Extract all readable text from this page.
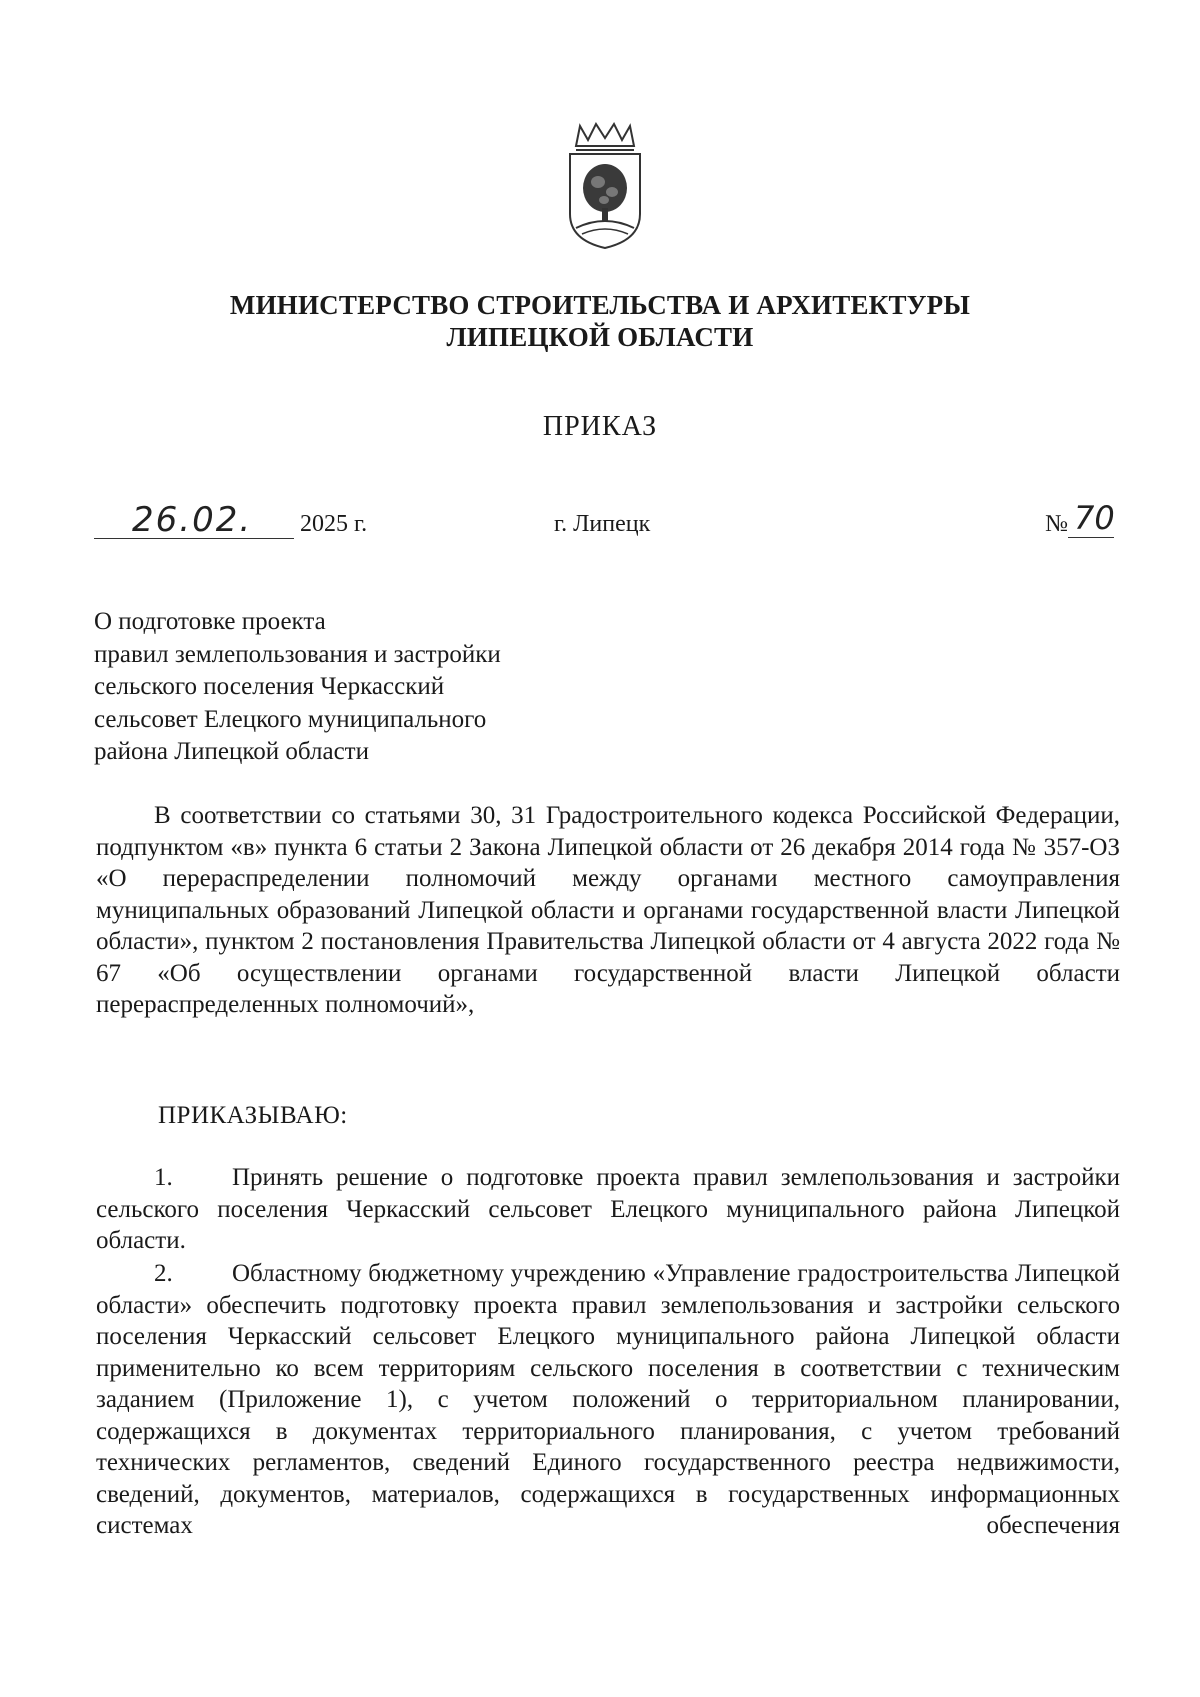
МИНИСТЕРСТВО СТРОИТЕЛЬСТВА И АРХИТЕКТУРЫ
ЛИПЕЦКОЙ ОБЛАСТИ
ПРИКАЗ
26.02. 2025 г.	г. Липецк	№ 70
О подготовке проекта
правил землепользования и застройки
сельского поселения Черкасский
сельсовет Елецкого муниципального
района Липецкой области

В соответствии со статьями 30, 31 Градостроительного кодекса Российской Федерации, подпунктом «в» пункта 6 статьи 2 Закона Липецкой области от 26 декабря 2014 года № 357-ОЗ «О перераспределении полномочий между органами местного самоуправления муниципальных образований Липецкой области и органами государственной власти Липецкой области», пунктом 2 постановления Правительства Липецкой области от 4 августа 2022 года № 67 «Об осуществлении органами государственной власти Липецкой области перераспределенных полномочий»,

ПРИКАЗЫВАЮ:

1. Принять решение о подготовке проекта правил землепользования и застройки сельского поселения Черкасский сельсовет Елецкого муниципального района Липецкой области.

2. Областному бюджетному учреждению «Управление градостроительства Липецкой области» обеспечить подготовку проекта правил землепользования и застройки сельского поселения Черкасский сельсовет Елецкого муниципального района Липецкой области применительно ко всем территориям сельского поселения в соответствии с техническим заданием (Приложение 1), с учетом положений о территориальном планировании, содержащихся в документах территориального планирования, с учетом требований технических регламентов, сведений Единого государственного реестра недвижимости, сведений, документов, материалов, содержащихся в государственных информационных системах обеспечения
